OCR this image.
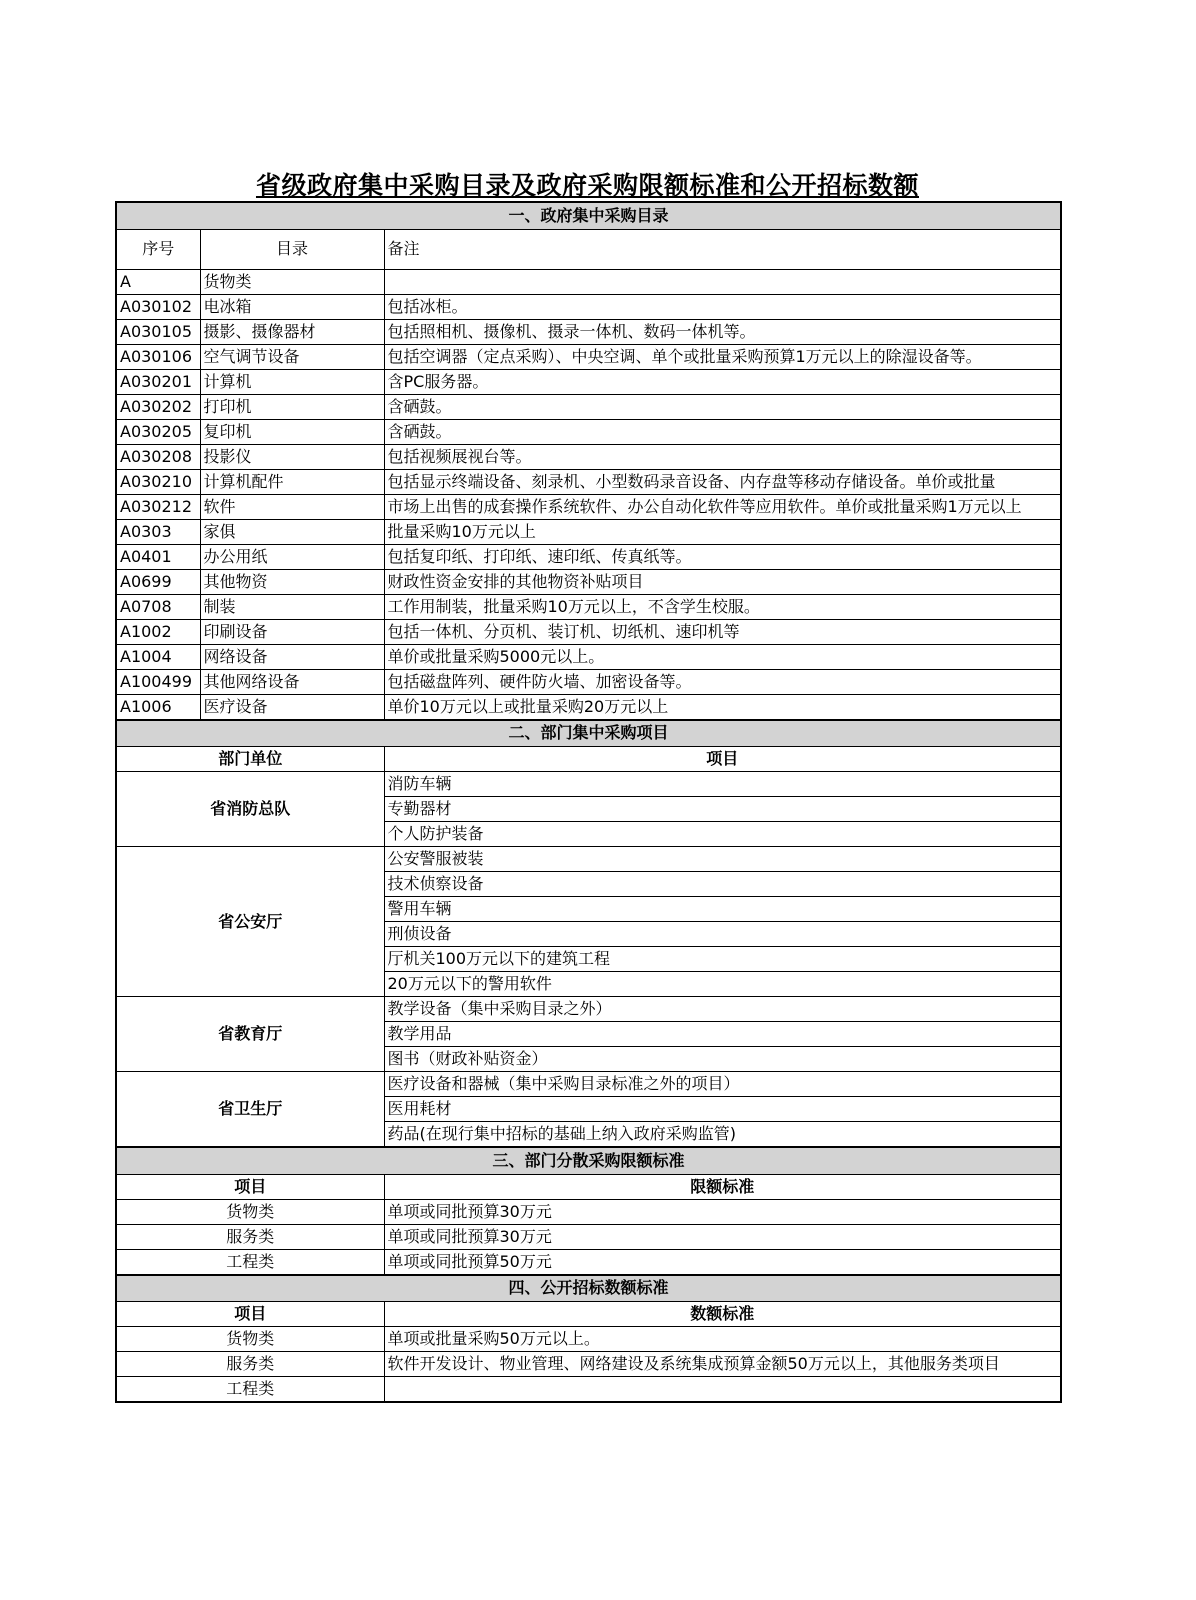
省级政府集中采购目录及政府采购限额标准和公开招标数额
一、政府集中采购目录		
序号	目录	备注
A	货物类	
A030102	电冰箱	包括冰柜。
A030105	摄影、摄像器材	包括照相机、摄像机、摄录一体机、数码一体机等。
A030106	空气调节设备	包括空调器（定点采购）、中央空调、单个或批量采购预算1万元以上的除湿设备等。
A030201	计算机	含PC服务器。
A030202	打印机	含硒鼓。
A030205	复印机	含硒鼓。
A030208	投影仪	包括视频展视台等。
A030210	计算机配件	包括显示终端设备、刻录机、小型数码录音设备、内存盘等移动存储设备。单价或批量
A030212	软件	市场上出售的成套操作系统软件、办公自动化软件等应用软件。单价或批量采购1万元以上
A0303	家俱	批量采购10万元以上
A0401	办公用纸	包括复印纸、打印纸、速印纸、传真纸等。
A0699	其他物资	财政性资金安排的其他物资补贴项目
A0708	制装	工作用制装，批量采购10万元以上，不含学生校服。
A1002	印刷设备	包括一体机、分页机、装订机、切纸机、速印机等
A1004	网络设备	单价或批量采购5000元以上。
A100499	其他网络设备	包括磁盘阵列、硬件防火墙、加密设备等。
A1006	医疗设备	单价10万元以上或批量采购20万元以上
二、部门集中采购项目		
部门单位		项目
省消防总队		消防车辆
		专勤器材
		个人防护装备
省公安厅		公安警服被装
		技术侦察设备
		警用车辆
		刑侦设备
		厅机关100万元以下的建筑工程
		20万元以下的警用软件
省教育厅		教学设备（集中采购目录之外）
		教学用品
		图书（财政补贴资金）
省卫生厅		医疗设备和器械（集中采购目录标准之外的项目）
		医用耗材
		药品(在现行集中招标的基础上纳入政府采购监管)
三、部门分散采购限额标准		
项目		限额标准
货物类		单项或同批预算30万元
服务类		单项或同批预算30万元
工程类		单项或同批预算50万元
四、公开招标数额标准		
项目		数额标准
货物类		单项或批量采购50万元以上。
服务类		软件开发设计、物业管理、网络建设及系统集成预算金额50万元以上，其他服务类项目
工程类		
